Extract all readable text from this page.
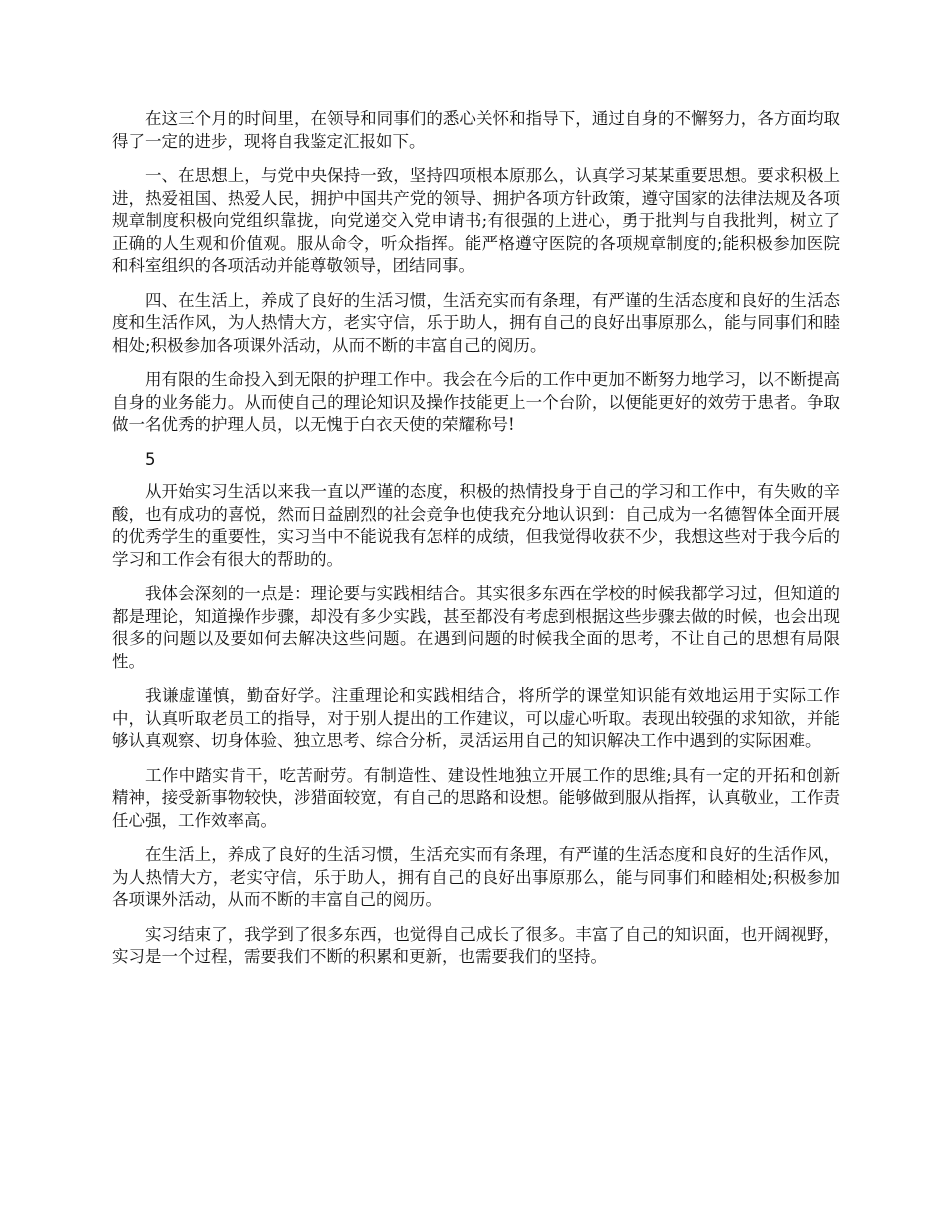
在这三个月的时间里，在领导和同事们的悉心关怀和指导下，通过自身的不懈努力，各方面均取得了一定的进步，现将自我鉴定汇报如下。

一、在思想上，与党中央保持一致，坚持四项根本原那么，认真学习某某重要思想。要求积极上进，热爱祖国、热爱人民，拥护中国共产党的领导、拥护各项方针政策，遵守国家的法律法规及各项规章制度积极向党组织靠拢，向党递交入党申请书;有很强的上进心，勇于批判与自我批判，树立了正确的人生观和价值观。服从命令，听众指挥。能严格遵守医院的各项规章制度的;能积极参加医院和科室组织的各项活动并能尊敬领导，团结同事。

四、在生活上，养成了良好的生活习惯，生活充实而有条理，有严谨的生活态度和良好的生活态度和生活作风，为人热情大方，老实守信，乐于助人，拥有自己的良好出事原那么，能与同事们和睦相处;积极参加各项课外活动，从而不断的丰富自己的阅历。

用有限的生命投入到无限的护理工作中。我会在今后的工作中更加不断努力地学习，以不断提高自身的业务能力。从而使自己的理论知识及操作技能更上一个台阶，以便能更好的效劳于患者。争取做一名优秀的护理人员，以无愧于白衣天使的荣耀称号!

5

从开始实习生活以来我一直以严谨的态度，积极的热情投身于自己的学习和工作中，有失败的辛酸，也有成功的喜悦，然而日益剧烈的社会竞争也使我充分地认识到：自己成为一名德智体全面开展的优秀学生的重要性，实习当中不能说我有怎样的成绩，但我觉得收获不少，我想这些对于我今后的学习和工作会有很大的帮助的。

我体会深刻的一点是：理论要与实践相结合。其实很多东西在学校的时候我都学习过，但知道的都是理论，知道操作步骤，却没有多少实践，甚至都没有考虑到根据这些步骤去做的时候，也会出现很多的问题以及要如何去解决这些问题。在遇到问题的时候我全面的思考，不让自己的思想有局限性。

我谦虚谨慎，勤奋好学。注重理论和实践相结合，将所学的课堂知识能有效地运用于实际工作中，认真听取老员工的指导，对于别人提出的工作建议，可以虚心听取。表现出较强的求知欲，并能够认真观察、切身体验、独立思考、综合分析，灵活运用自己的知识解决工作中遇到的实际困难。

工作中踏实肯干，吃苦耐劳。有制造性、建设性地独立开展工作的思维;具有一定的开拓和创新精神，接受新事物较快，涉猎面较宽，有自己的思路和设想。能够做到服从指挥，认真敬业，工作责任心强，工作效率高。

在生活上，养成了良好的生活习惯，生活充实而有条理，有严谨的生活态度和良好的生活作风，为人热情大方，老实守信，乐于助人，拥有自己的良好出事原那么，能与同事们和睦相处;积极参加各项课外活动，从而不断的丰富自己的阅历。

实习结束了，我学到了很多东西，也觉得自己成长了很多。丰富了自己的知识面，也开阔视野，实习是一个过程，需要我们不断的积累和更新，也需要我们的坚持。
